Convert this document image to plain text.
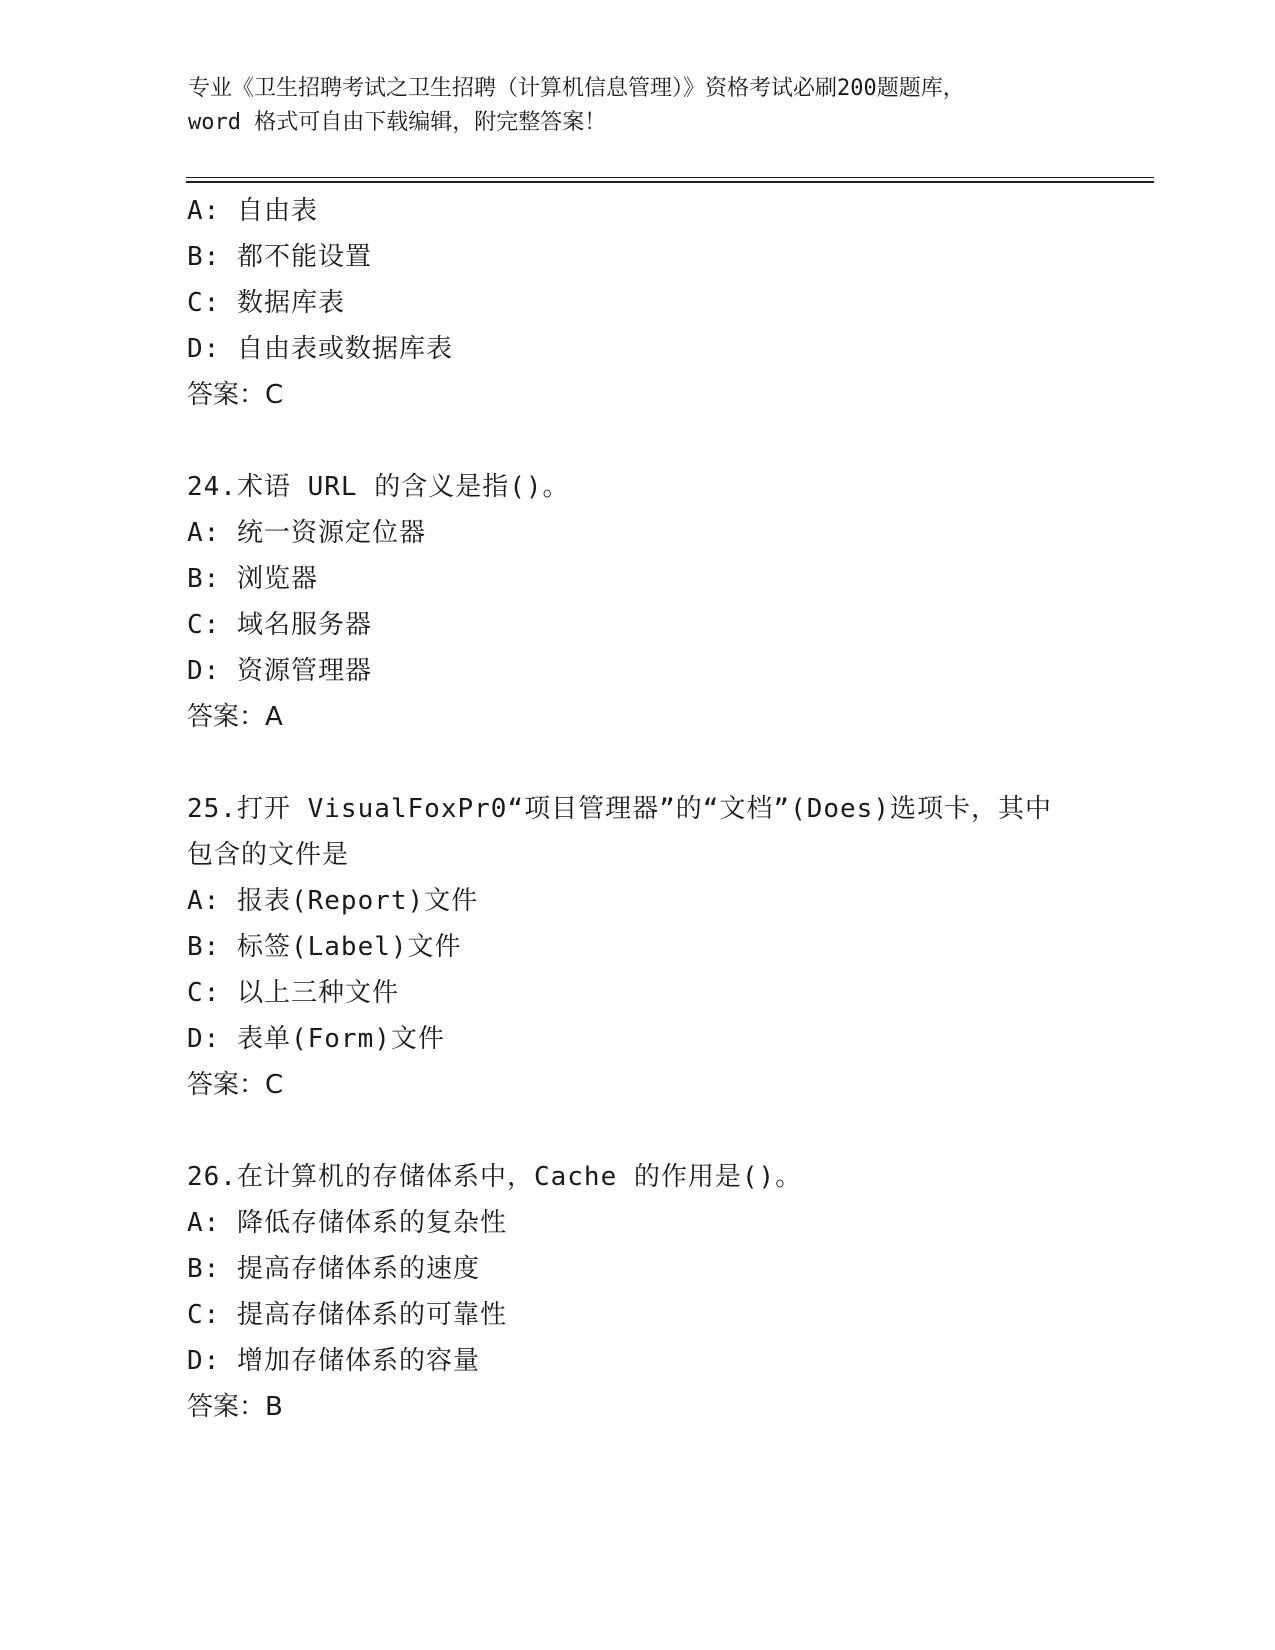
专业《卫生招聘考试之卫生招聘（计算机信息管理）》资格考试必刷200题题库，
word 格式可自由下载编辑，附完整答案！
A: 自由表
B: 都不能设置
C: 数据库表
D: 自由表或数据库表
答案：C
24.术语 URL 的含义是指()。
A: 统一资源定位器
B: 浏览器
C: 域名服务器
D: 资源管理器
答案：A
25.打开 VisualFoxPr0“项目管理器”的“文档”(Does)选项卡，其中
包含的文件是
A: 报表(Report)文件
B: 标签(Label)文件
C: 以上三种文件
D: 表单(Form)文件
答案：C
26.在计算机的存储体系中，Cache 的作用是()。
A: 降低存储体系的复杂性
B: 提高存储体系的速度
C: 提高存储体系的可靠性
D: 增加存储体系的容量
答案：B
